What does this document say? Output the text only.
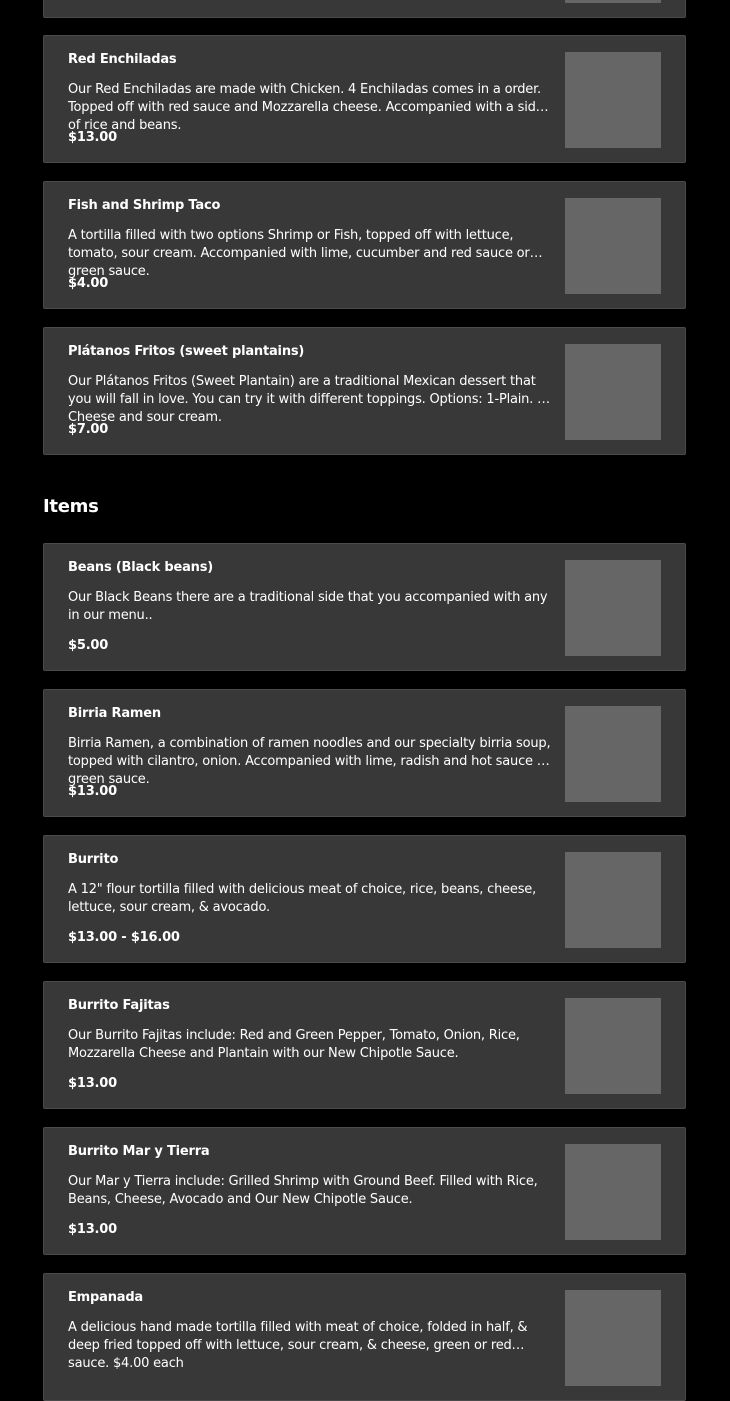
Red Enchiladas
Our Red Enchiladas are made with Chicken. 4 Enchiladas comes in a order. Topped off with red sauce and Mozzarella cheese. Accompanied with a side of rice and beans.
$13.00
Fish and Shrimp Taco
A tortilla filled with two options Shrimp or Fish, topped off with lettuce, tomato, sour cream. Accompanied with lime, cucumber and red sauce or green sauce.
$4.00
Plátanos Fritos (sweet plantains)
Our Plátanos Fritos (Sweet Plantain) are a traditional Mexican dessert that you will fall in love. You can try it with different toppings. Options: 1-Plain. 2- Cheese and sour cream.
$7.00
Items
Beans (Black beans)
Our Black Beans there are a traditional side that you accompanied with any in our menu..
$5.00
Birria Ramen
Birria Ramen, a combination of ramen noodles and our specialty birria soup, topped with cilantro, onion. Accompanied with lime, radish and hot sauce or green sauce.
$13.00
Burrito
A 12" flour tortilla filled with delicious meat of choice, rice, beans, cheese, lettuce, sour cream, & avocado.
$13.00 - $16.00
Burrito Fajitas
Our Burrito Fajitas include: Red and Green Pepper, Tomato, Onion, Rice, Mozzarella Cheese and Plantain with our New Chipotle Sauce.
$13.00
Burrito Mar y Tierra
Our Mar y Tierra include: Grilled Shrimp with Ground Beef. Filled with Rice, Beans, Cheese, Avocado and Our New Chipotle Sauce.
$13.00
Empanada
A delicious hand made tortilla filled with meat of choice, folded in half, & deep fried topped off with lettuce, sour cream, & cheese, green or red sauce. $4.00 each
